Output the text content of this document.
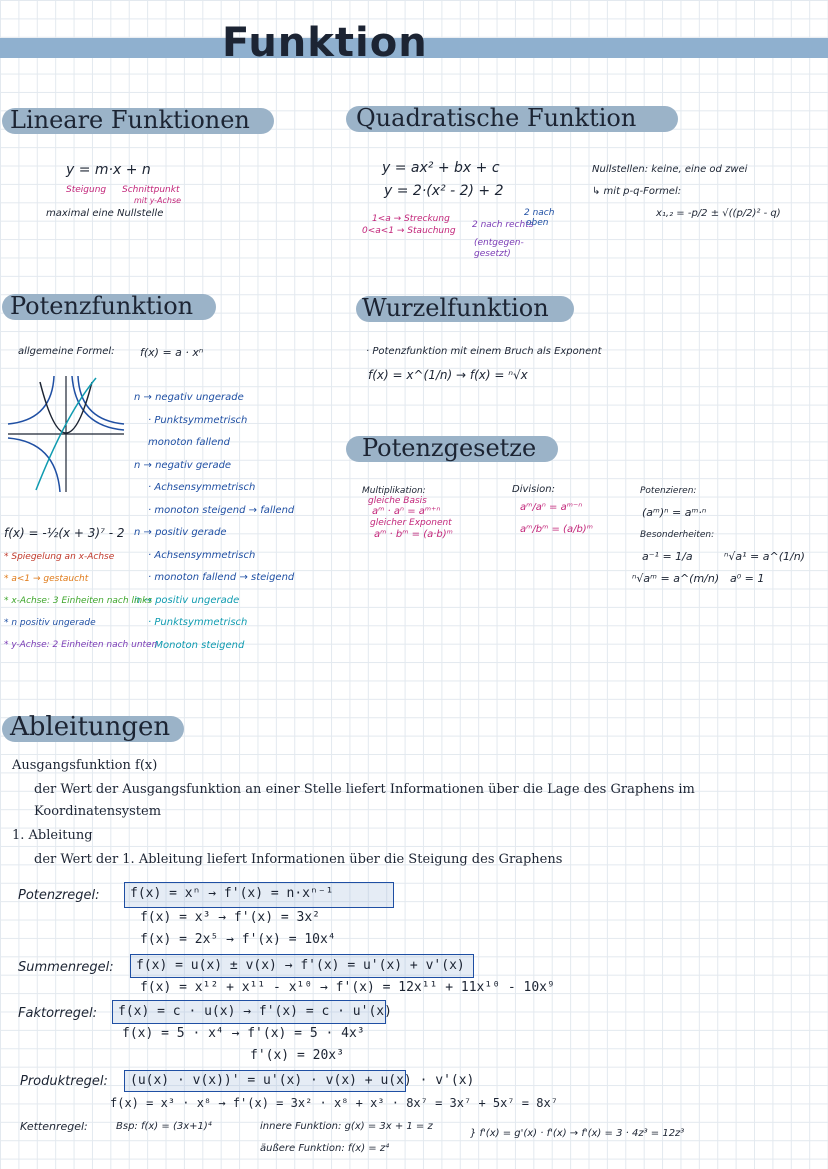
Funktion
Lineare Funktionen
y = m·x + n
Steigung Schnittpunkt
mit y-Achse
maximal eine Nullstelle
Quadratische Funktion
y = ax² + bx + c
y = 2·(x² - 2) + 2
1<a → Streckung
0<a<1 → Stauchung
2 nach rechts
(entgegen-
gesetzt)
2 nach
oben
Nullstellen: keine, eine od zwei
↳ mit p-q-Formel:
x₁,₂ = -p/2 ± √((p/2)² - q)
Potenzfunktion
allgemeine Formel: f(x) = a · xⁿ
n → negativ ungerade
· Punktsymmetrisch
monoton fallend
n → negativ gerade
· Achsensymmetrisch
· monoton steigend → fallend
n → positiv gerade
· Achsensymmetrisch
· monoton fallend → steigend
n → positiv ungerade
· Punktsymmetrisch
· Monoton steigend
f(x) = -½(x + 3)⁷ - 2
* Spiegelung an x-Achse
* a<1 → gestaucht
* x-Achse: 3 Einheiten nach links
* n positiv ungerade
* y-Achse: 2 Einheiten nach unten
Wurzelfunktion
· Potenzfunktion mit einem Bruch als Exponent
f(x) = x^(1/n) → f(x) = ⁿ√x
Potenzgesetze
Multiplikation:
gleiche Basis
aᵐ · aⁿ = aᵐ⁺ⁿ
gleicher Exponent
aᵐ · bᵐ = (a·b)ᵐ
Division:
aᵐ/aⁿ = aᵐ⁻ⁿ
aᵐ/bᵐ = (a/b)ᵐ
Potenzieren:
(aᵐ)ⁿ = aᵐ·ⁿ
Besonderheiten:
a⁻¹ = 1/a	ⁿ√a¹ = a^(1/n)
ⁿ√aᵐ = a^(m/n) a⁰ = 1
Ableitungen
Ausgangsfunktion f(x)
der Wert der Ausgangsfunktion an einer Stelle liefert Informationen über die Lage des Graphens im
Koordinatensystem
1. Ableitung
der Wert der 1. Ableitung liefert Informationen über die Steigung des Graphens
Potenzregel: f(x) = xⁿ → f'(x) = n·xⁿ⁻¹
f(x) = x³ → f'(x) = 3x²
f(x) = 2x⁵ → f'(x) = 10x⁴
Summenregel: f(x) = u(x) ± v(x) → f'(x) = u'(x) + v'(x)
f(x) = x¹² + x¹¹ - x¹⁰ → f'(x) = 12x¹¹ + 11x¹⁰ - 10x⁹
Faktorregel: f(x) = c · u(x) → f'(x) = c · u'(x)
f(x) = 5 · x⁴ → f'(x) = 5 · 4x³
f'(x) = 20x³
Produktregel: (u(x) · v(x))' = u'(x) · v(x) + u(x) · v'(x)
f(x) = x³ · x⁸ → f'(x) = 3x² · x⁸ + x³ · 8x⁷ = 3x⁷ + 5x⁷ = 8x⁷
Kettenregel:	Bsp: f(x) = (3x+1)⁴	innere Funktion: g(x) = 3x + 1 = z
äußere Funktion: f(x) = z⁴
} f'(x) = g'(x) · f'(x) → f'(x) = 3 · 4z³ = 12z³
